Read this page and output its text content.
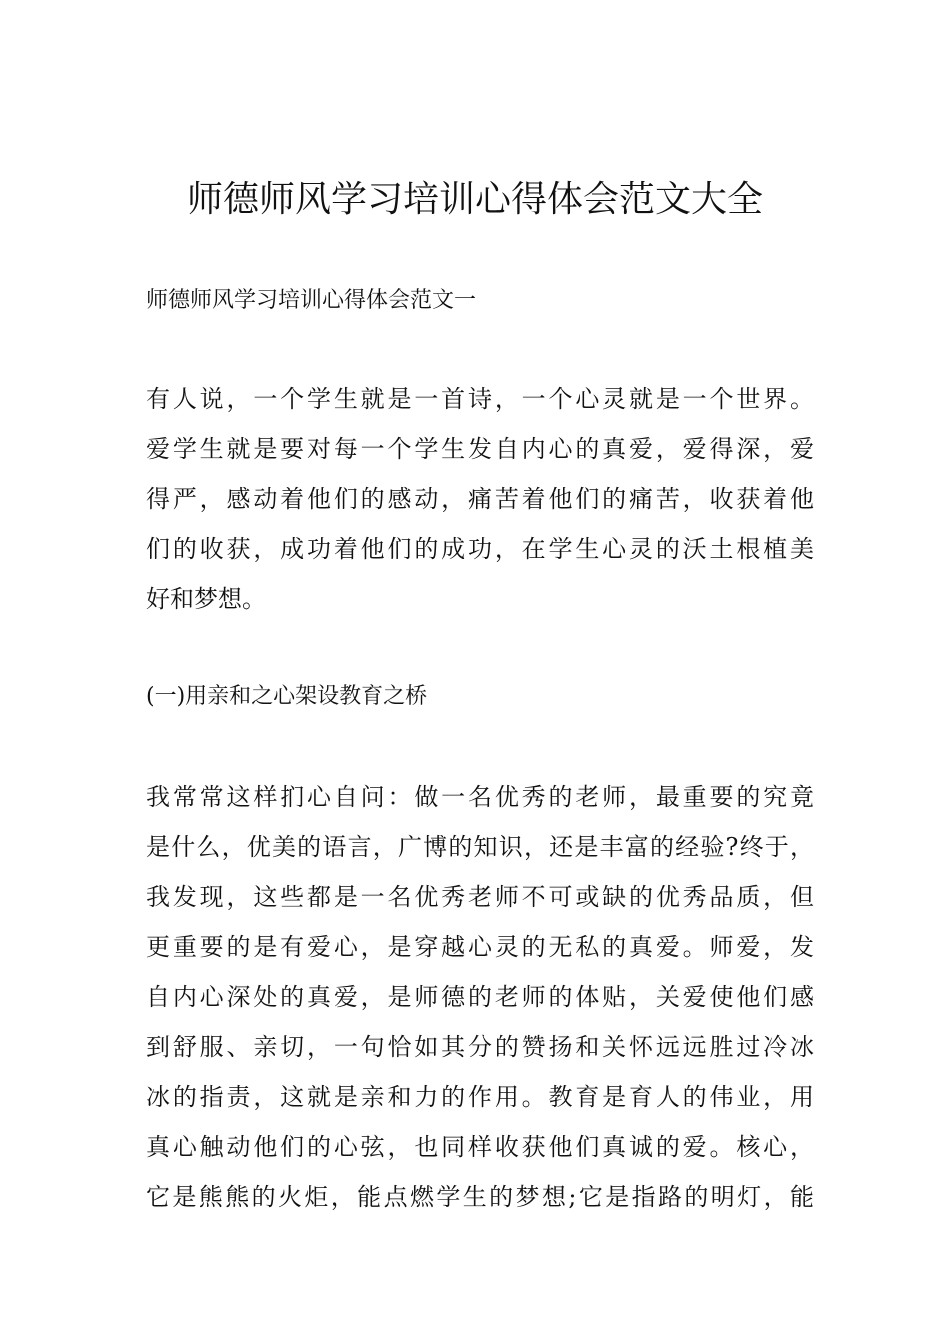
师德师风学习培训心得体会范文大全

师德师风学习培训心得体会范文一

有人说，一个学生就是一首诗，一个心灵就是一个世界。
爱学生就是要对每一个学生发自内心的真爱，爱得深，爱
得严，感动着他们的感动，痛苦着他们的痛苦，收获着他
们的收获，成功着他们的成功，在学生心灵的沃土根植美
好和梦想。

(一)用亲和之心架设教育之桥

我常常这样扪心自问：做一名优秀的老师，最重要的究竟
是什么，优美的语言，广博的知识，还是丰富的经验?终于，
我发现，这些都是一名优秀老师不可或缺的优秀品质，但
更重要的是有爱心，是穿越心灵的无私的真爱。师爱，发
自内心深处的真爱，是师德的老师的体贴，关爱使他们感
到舒服、亲切，一句恰如其分的赞扬和关怀远远胜过冷冰
冰的指责，这就是亲和力的作用。教育是育人的伟业，用
真心触动他们的心弦，也同样收获他们真诚的爱。核心，
它是熊熊的火炬，能点燃学生的梦想;它是指路的明灯，能
